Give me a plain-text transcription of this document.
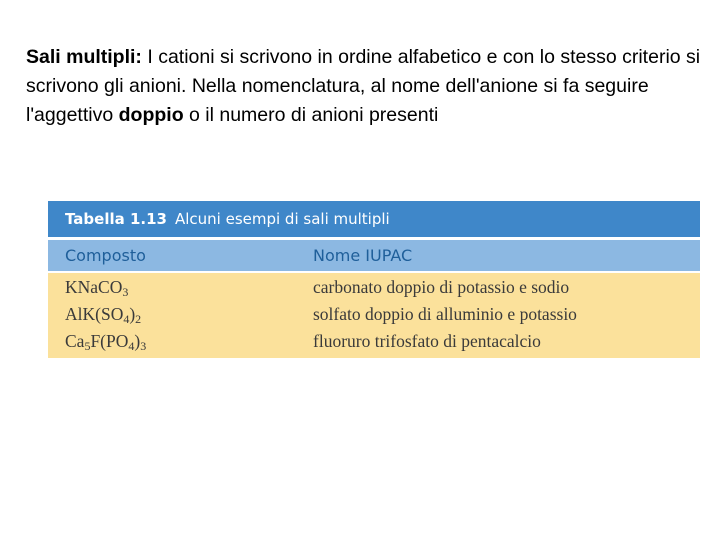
Sali multipli: I cationi si scrivono in ordine alfabetico e con lo stesso criterio si scrivono gli anioni. Nella nomenclatura, al nome dell'anione si fa seguire l'aggettivo doppio o il numero di anioni presenti
Tabella 1.13 Alcuni esempi di sali multipli
Composto	Nome IUPAC
KNaCO$_3$	carbonato doppio di potassio e sodio
$AlK(SO_4)_2$	solfato doppio di alluminio e potassio
$Ca_5F(PO_4)_3$	fluoruro trifosfato di pentacalcio
